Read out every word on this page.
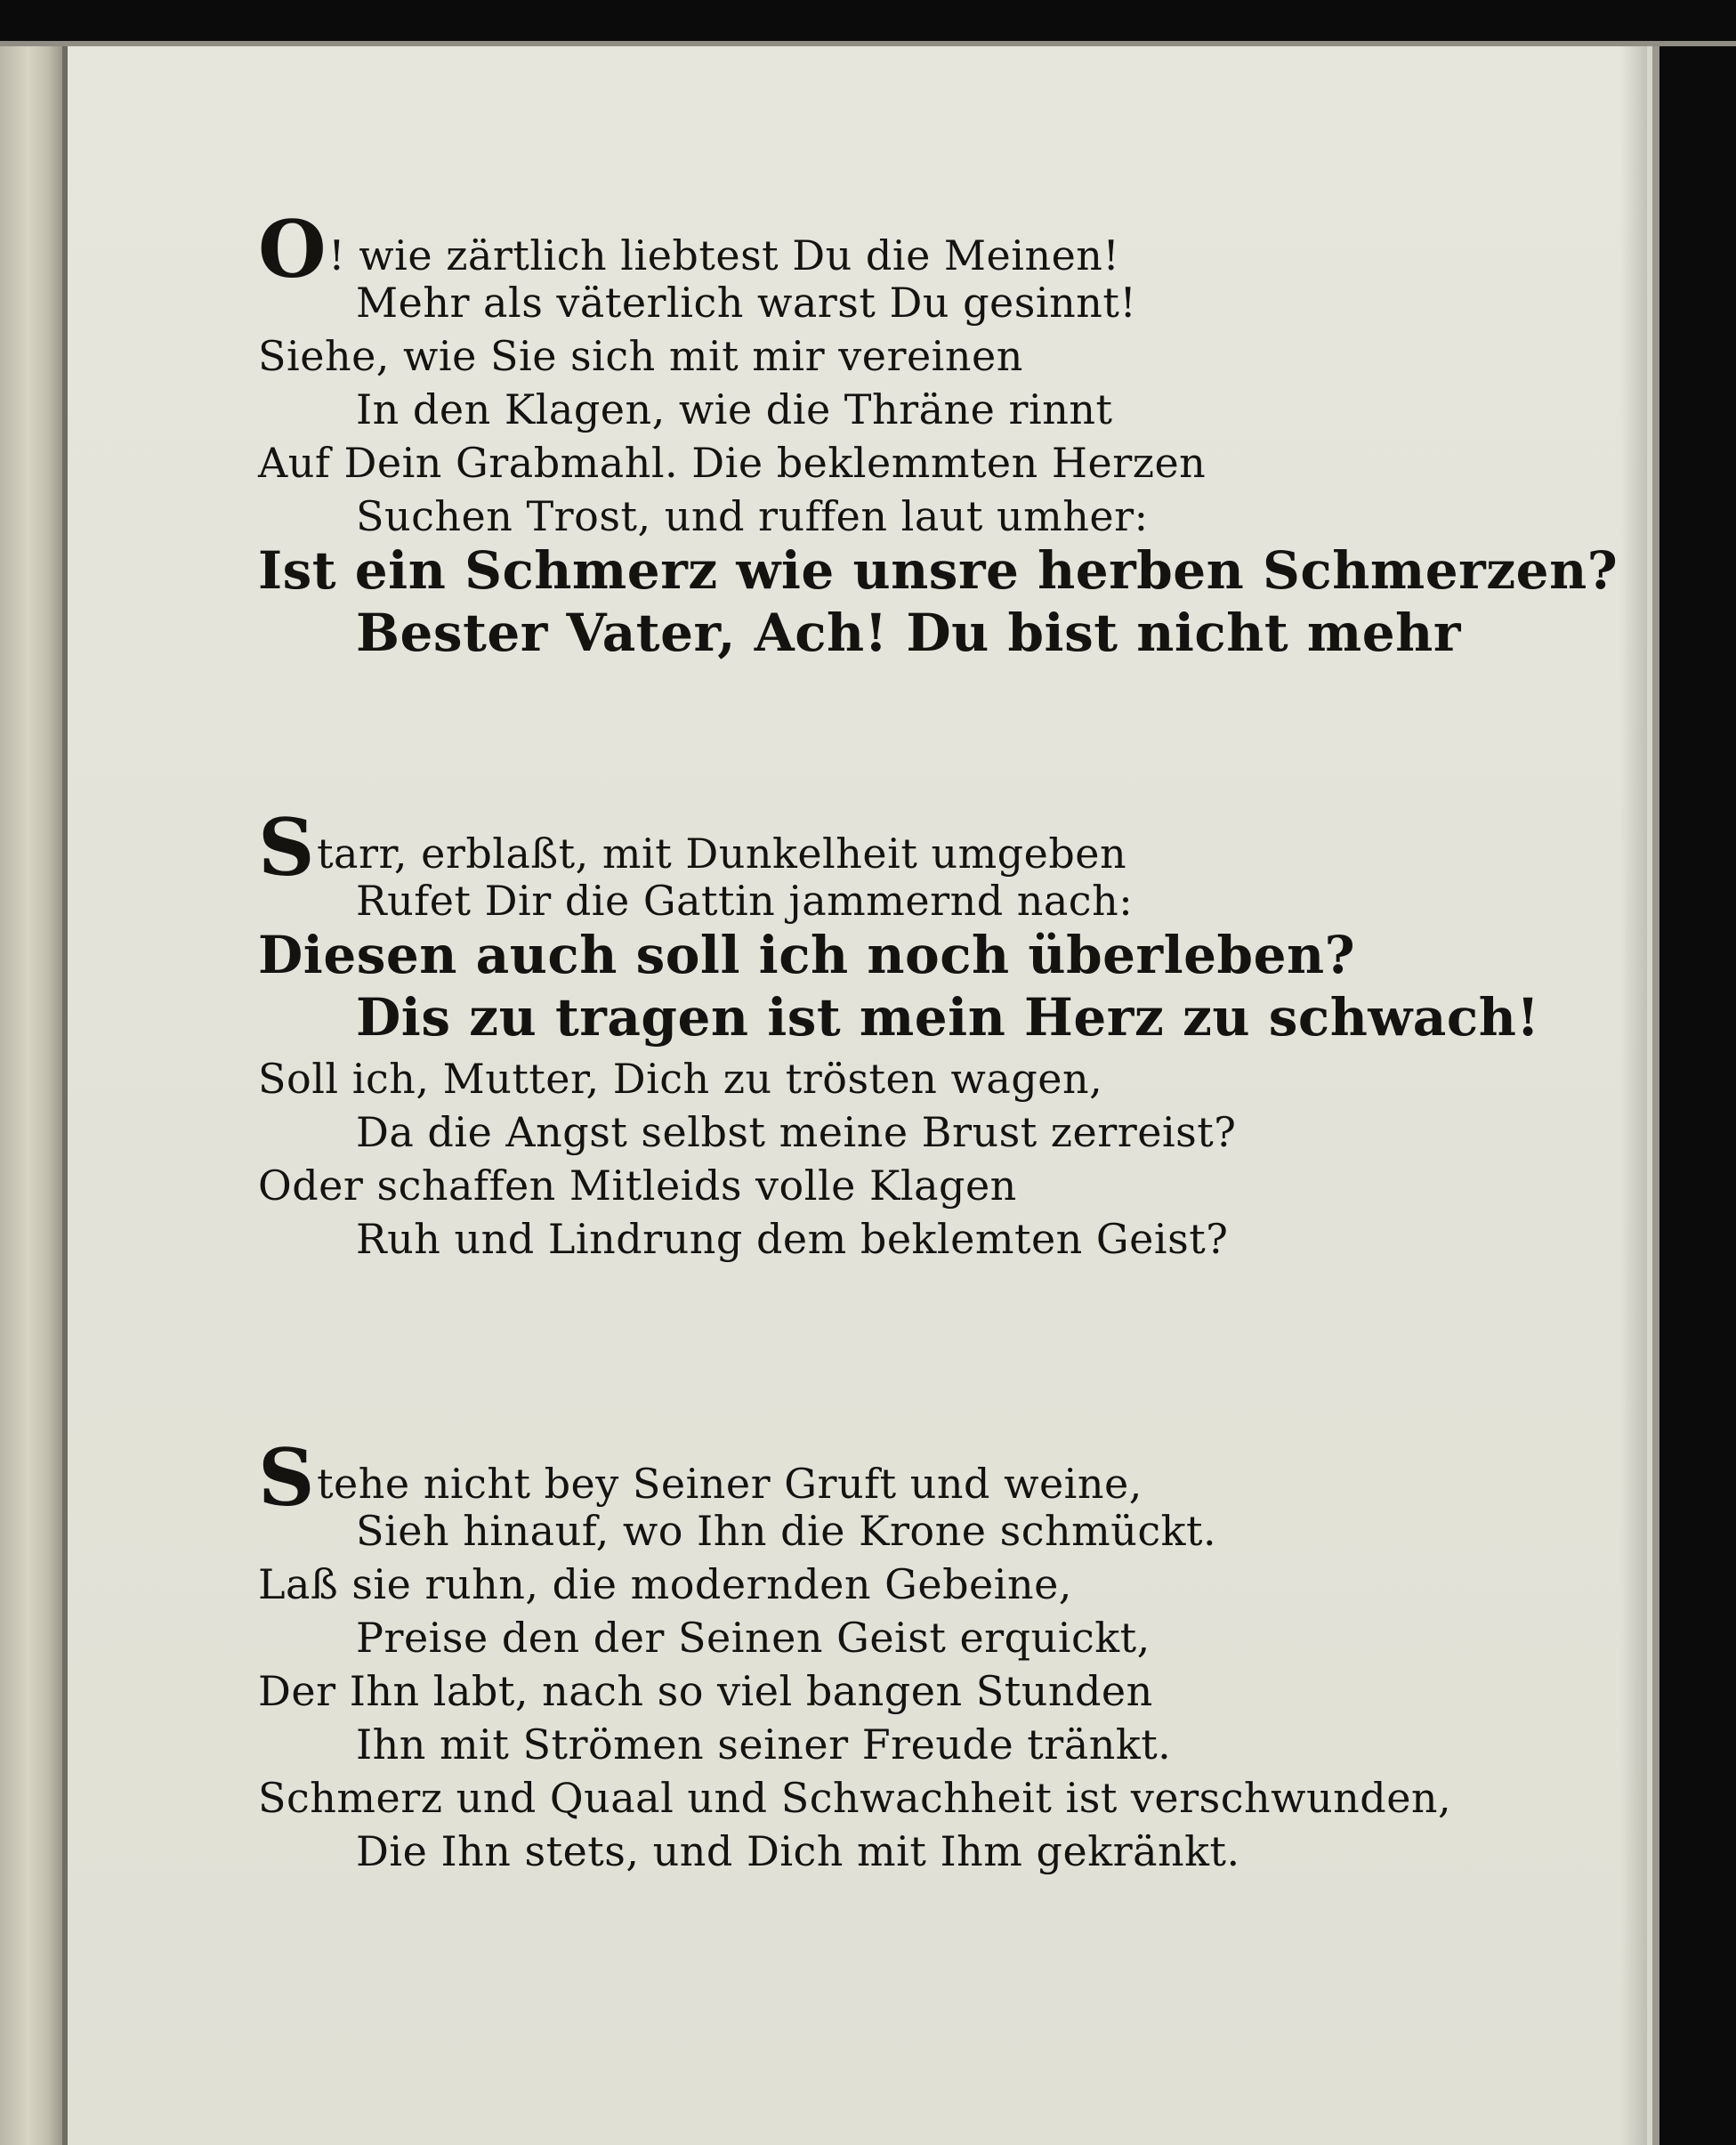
O! wie zärtlich liebtest Du die Meinen!
Mehr als väterlich warst Du gesinnt!
Siehe, wie Sie sich mit mir vereinen
In den Klagen, wie die Thräne rinnt
Auf Dein Grabmahl. Die beklemmten Herzen
Suchen Trost, und ruffen laut umher:
Ist ein Schmerz wie unsre herben Schmerzen?
Bester Vater, Ach! Du bist nicht mehr
Starr, erblaßt, mit Dunkelheit umgeben
Rufet Dir die Gattin jammernd nach:
Diesen auch soll ich noch überleben?
Dis zu tragen ist mein Herz zu schwach!
Soll ich, Mutter, Dich zu trösten wagen,
Da die Angst selbst meine Brust zerreist?
Oder schaffen Mitleids volle Klagen
Ruh und Lindrung dem beklemten Geist?
Stehe nicht bey Seiner Gruft und weine,
Sieh hinauf, wo Ihn die Krone schmückt.
Laß sie ruhn, die modernden Gebeine,
Preise den der Seinen Geist erquickt,
Der Ihn labt, nach so viel bangen Stunden
Ihn mit Strömen seiner Freude tränkt.
Schmerz und Quaal und Schwachheit ist verschwunden,
Die Ihn stets, und Dich mit Ihm gekränkt.
